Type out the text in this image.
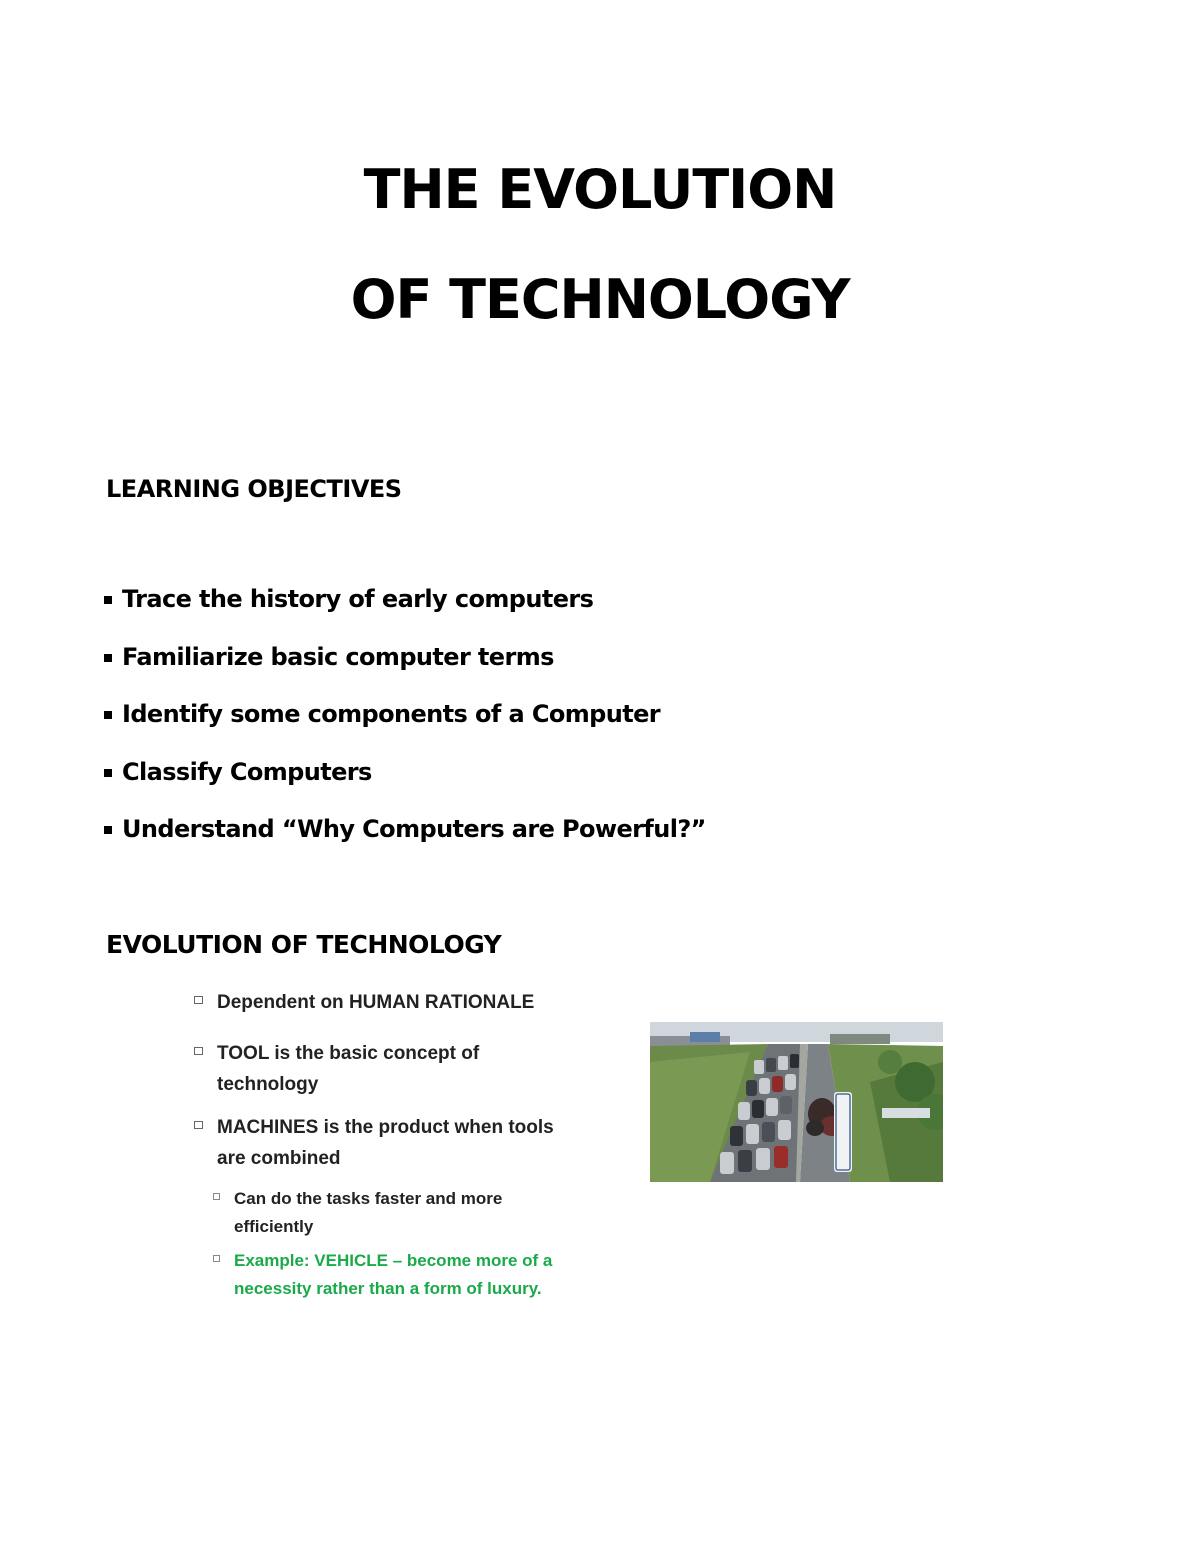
THE EVOLUTION
OF TECHNOLOGY
LEARNING OBJECTIVES
Trace the history of early computers
Familiarize basic computer terms
Identify some components of a Computer
Classify Computers
Understand “Why Computers are Powerful?”
EVOLUTION OF TECHNOLOGY
Dependent on HUMAN RATIONALE
TOOL is the basic concept of
technology
MACHINES is the product when tools
are combined
Can do the tasks faster and more
efficiently
Example: VEHICLE – become more of a
necessity rather than a form of luxury.
